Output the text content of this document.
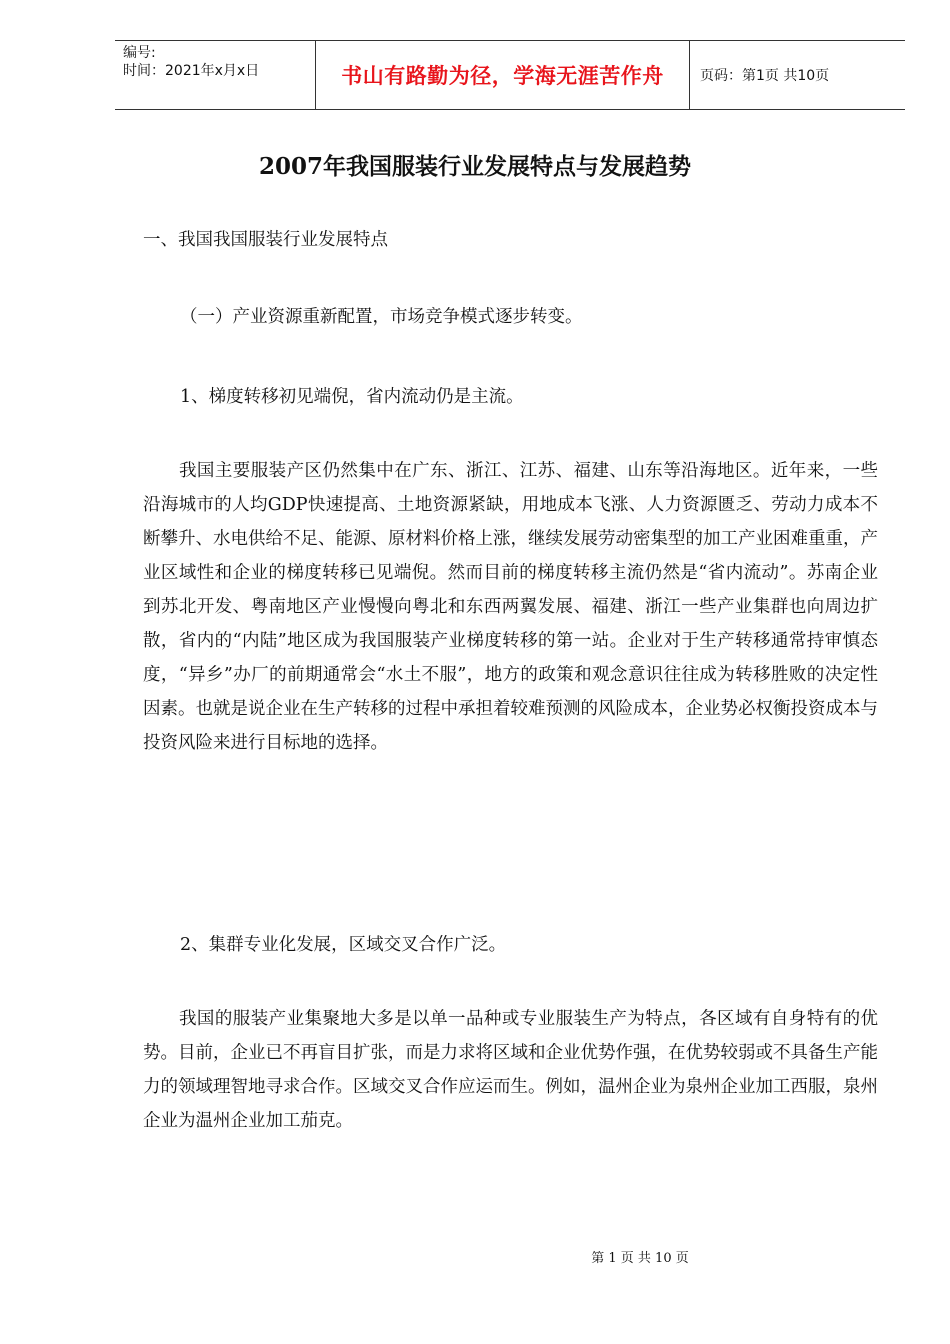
编号:
时间：2021年x月x日	书山有路勤为径，学海无涯苦作舟	页码：第1页 共10页
2007年我国服装行业发展特点与发展趋势
一、我国我国服装行业发展特点
（一）产业资源重新配置，市场竞争模式逐步转变。
1、梯度转移初见端倪，省内流动仍是主流。
我国主要服装产区仍然集中在广东、浙江、江苏、福建、山东等沿海地区。近年来，一些沿海城市的人均GDP快速提高、土地资源紧缺，用地成本飞涨、人力资源匮乏、劳动力成本不断攀升、水电供给不足、能源、原材料价格上涨，继续发展劳动密集型的加工产业困难重重，产业区域性和企业的梯度转移已见端倪。然而目前的梯度转移主流仍然是“省内流动”。苏南企业到苏北开发、粤南地区产业慢慢向粤北和东西两翼发展、福建、浙江一些产业集群也向周边扩散，省内的“内陆”地区成为我国服装产业梯度转移的第一站。企业对于生产转移通常持审慎态度，“异乡”办厂的前期通常会“水土不服”，地方的政策和观念意识往往成为转移胜败的决定性因素。也就是说企业在生产转移的过程中承担着较难预测的风险成本，企业势必权衡投资成本与投资风险来进行目标地的选择。
2、集群专业化发展，区域交叉合作广泛。
我国的服装产业集聚地大多是以单一品种或专业服装生产为特点，各区域有自身特有的优势。目前，企业已不再盲目扩张，而是力求将区域和企业优势作强，在优势较弱或不具备生产能力的领域理智地寻求合作。区域交叉合作应运而生。例如，温州企业为泉州企业加工西服，泉州企业为温州企业加工茄克。
第 1 页 共 10 页
